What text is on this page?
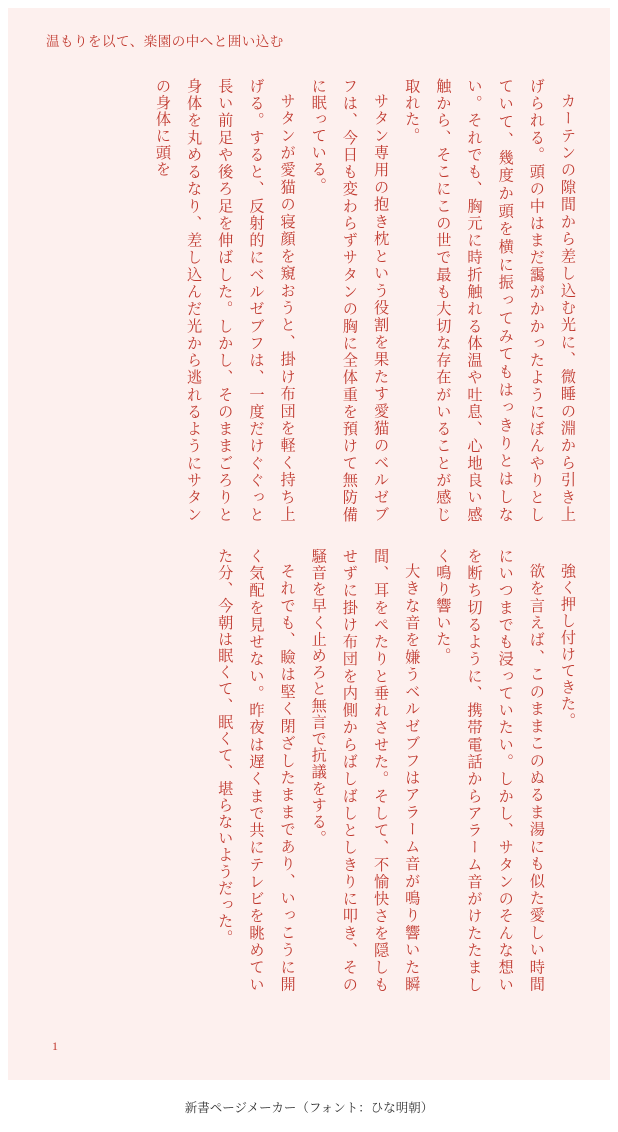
温もりを以て、楽園の中へと囲い込む

カーテンの隙間から差し込む光に、微睡の淵から引き上げられる。頭の中はまだ靄がかかったようにぼんやりとしていて、幾度か頭を横に振ってみてもはっきりとはしない。それでも、胸元に時折触れる体温や吐息、心地良い感触から、そこにこの世で最も大切な存在がいることが感じ取れた。

サタン専用の抱き枕という役割を果たす愛猫のベルゼブフは、今日も変わらずサタンの胸に全体重を預けて無防備に眠っている。

サタンが愛猫の寝顔を窺おうと、掛け布団を軽く持ち上げる。すると、反射的にベルゼブフは、一度だけぐぐっと長い前足や後ろ足を伸ばした。しかし、そのままごろりと身体を丸めるなり、差し込んだ光から逃れるようにサタンの身体に頭を

強く押し付けてきた。

欲を言えば、このままこのぬるま湯にも似た愛しい時間にいつまでも浸っていたい。しかし、サタンのそんな想いを断ち切るように、携帯電話からアラーム音がけたたましく鳴り響いた。

大きな音を嫌うベルゼブフはアラーム音が鳴り響いた瞬間、耳をぺたりと垂れさせた。そして、不愉快さを隠しもせずに掛け布団を内側からばしばしとしきりに叩き、その騒音を早く止めろと無言で抗議をする。

それでも、瞼は堅く閉ざしたままであり、いっこうに開く気配を見せない。昨夜は遅くまで共にテレビを眺めていた分、今朝は眠くて、眠くて、堪らないようだった。

1
新書ページメーカー（フォント：ひな明朝）
